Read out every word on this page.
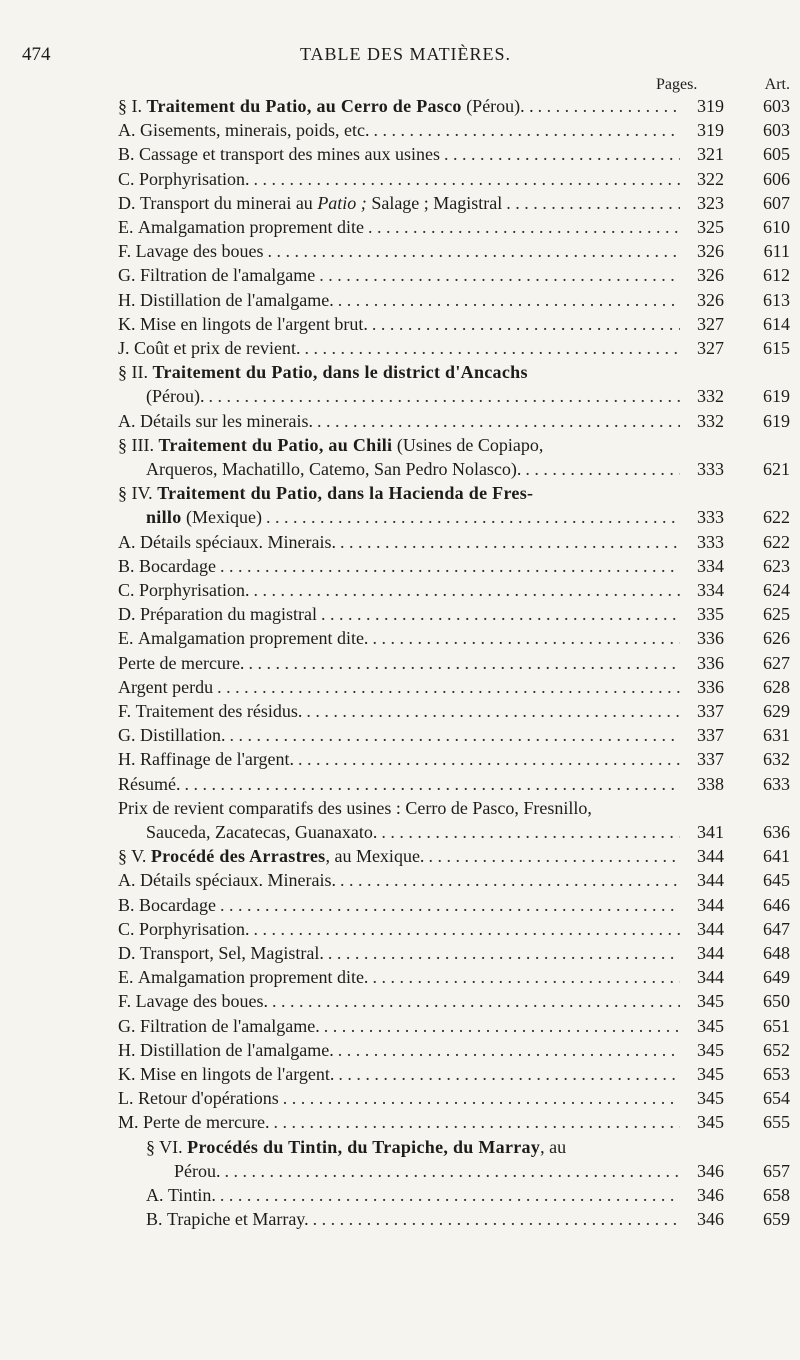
474	TABLE DES MATIÈRES.
Pages.	Art.
§ I. Traitement du Patio, au Cerro de Pasco (Pérou). . . . .	319	603
A. Gisements, minerais, poids, etc. . . .	319	603
B. Cassage et transport des mines aux usines . . .	321	605
C. Porphyrisation. . . .	322	606
D. Transport du minerai au Patio ; Salage ; Magistral . . .	323	607
E. Amalgamation proprement dite . . .	325	610
F. Lavage des boues . . .	326	611
G. Filtration de l'amalgame . . .	326	612
H. Distillation de l'amalgame. . . .	326	613
K. Mise en lingots de l'argent brut. . . .	327	614
J. Coût et prix de revient. . . .	327	615
§ II. Traitement du Patio, dans le district d'Ancachs
(Pérou). . . .	332	619
A. Détails sur les minerais. . . .	332	619
§ III. Traitement du Patio, au Chili (Usines de Copiapo,
Arqueros, Machatillo, Catemo, San Pedro Nolasco). . . .	333	621
§ IV. Traitement du Patio, dans la Hacienda de Fres-
nillo (Mexique) . . .	333	622
A. Détails spéciaux. Minerais. . . .	333	622
B. Bocardage . . .	334	623
C. Porphyrisation. . . .	334	624
D. Préparation du magistral . . .	335	625
E. Amalgamation proprement dite. . . .	336	626
Perte de mercure. . . .	336	627
Argent perdu . . .	336	628
F. Traitement des résidus. . . .	337	629
G. Distillation. . . .	337	631
H. Raffinage de l'argent. . . .	337	632
Résumé. . . .	338	633
Prix de revient comparatifs des usines : Cerro de Pasco, Fresnillo,
Sauceda, Zacatecas, Guanaxato. . . .	341	636
§ V. Procédé des Arrastres, au Mexique. . . .	344	641
A. Détails spéciaux. Minerais. . . .	344	645
B. Bocardage . . .	344	646
C. Porphyrisation. . . .	344	647
D. Transport, Sel, Magistral. . . .	344	648
E. Amalgamation proprement dite. . . .	344	649
F. Lavage des boues. . . .	345	650
G. Filtration de l'amalgame. . . .	345	651
H. Distillation de l'amalgame. . . .	345	652
K. Mise en lingots de l'argent. . . .	345	653
L. Retour d'opérations . . .	345	654
M. Perte de mercure. . . .	345	655
§ VI. Procédés du Tintin, du Trapiche, du Marray, au
Pérou. . . .	346	657
A. Tintin. . . .	346	658
B. Trapiche et Marray. . . .	346	659
